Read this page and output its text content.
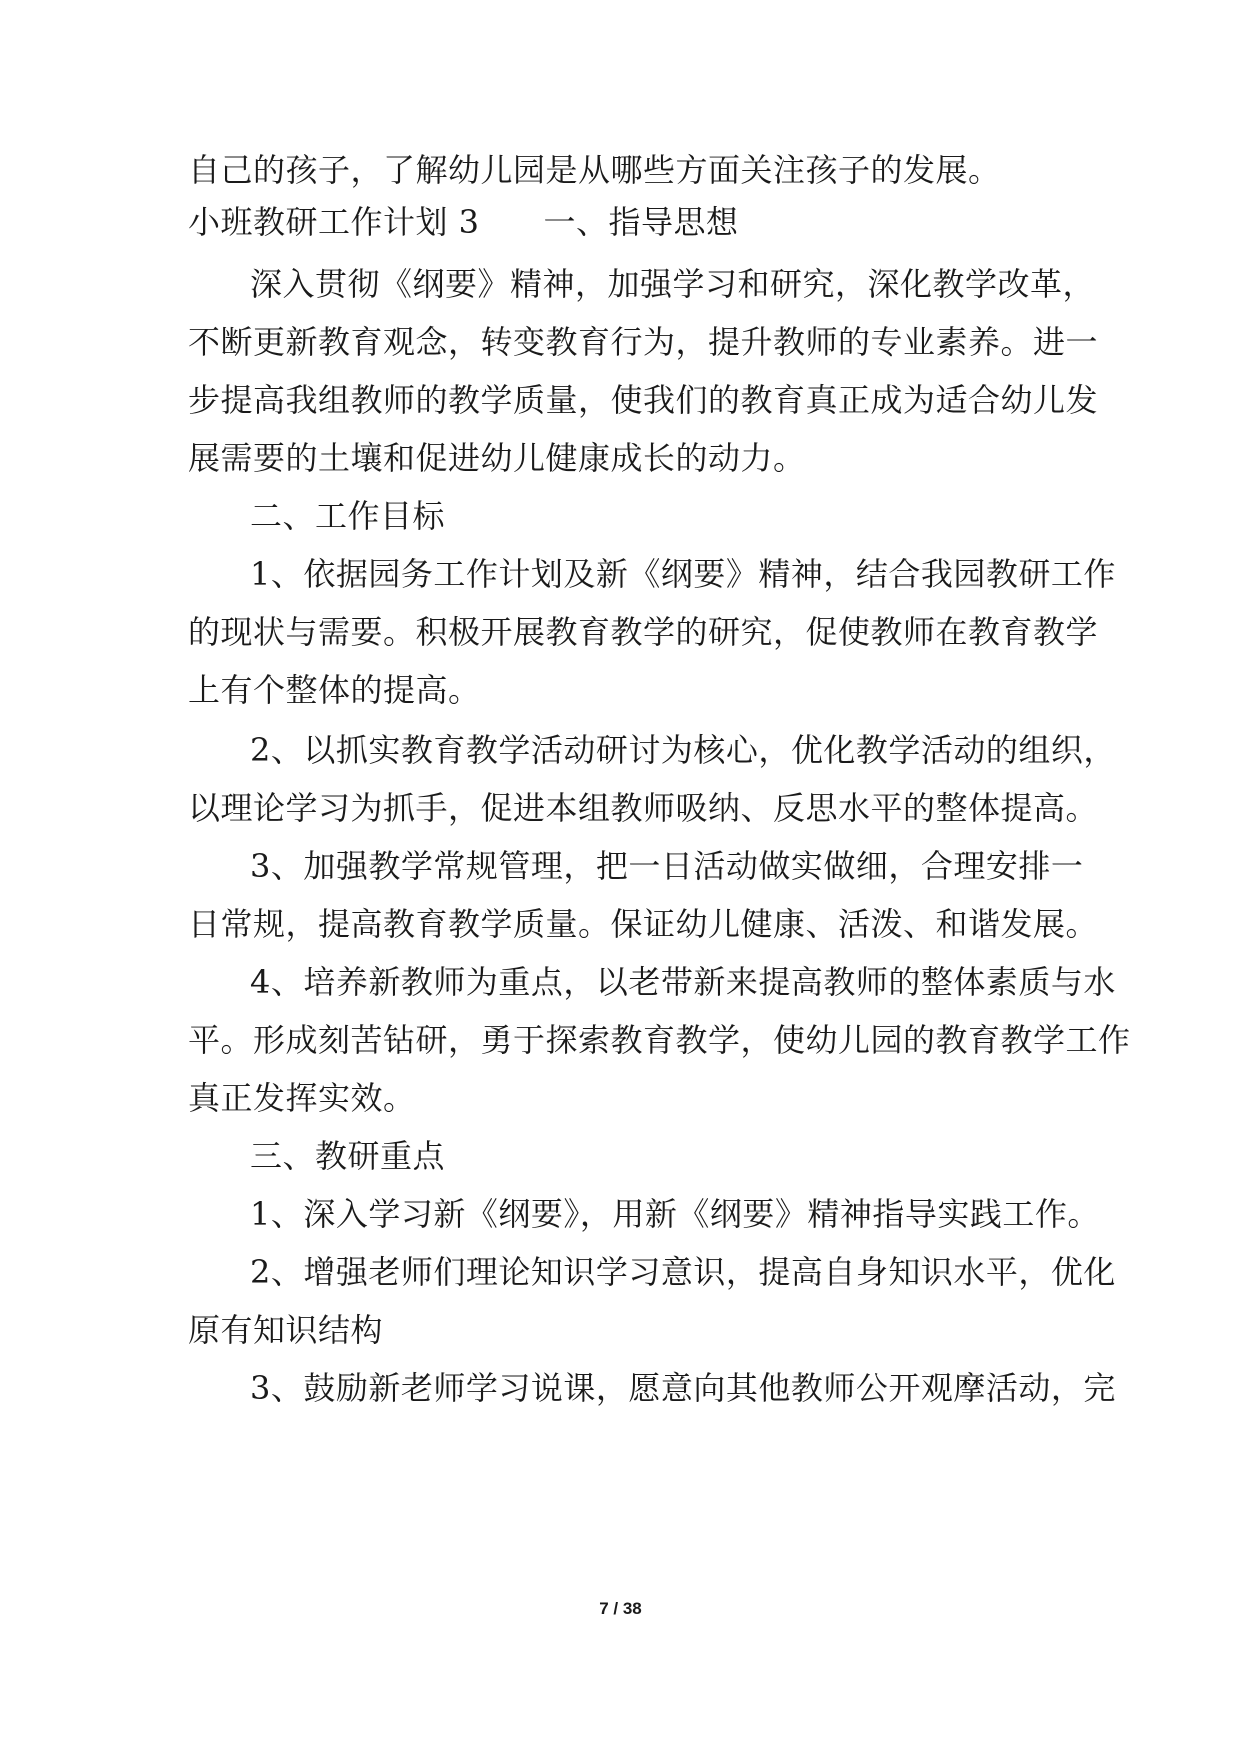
自己的孩子，了解幼儿园是从哪些方面关注孩子的发展。
小班教研工作计划 3 一、指导思想
深入贯彻《纲要》精神，加强学习和研究，深化教学改革，
不断更新教育观念，转变教育行为，提升教师的专业素养。进一
步提高我组教师的教学质量，使我们的教育真正成为适合幼儿发
展需要的土壤和促进幼儿健康成长的动力。
二、工作目标
1、依据园务工作计划及新《纲要》精神，结合我园教研工作
的现状与需要。积极开展教育教学的研究，促使教师在教育教学
上有个整体的提高。
2、以抓实教育教学活动研讨为核心，优化教学活动的组织，
以理论学习为抓手，促进本组教师吸纳、反思水平的整体提高。
3、加强教学常规管理，把一日活动做实做细，合理安排一
日常规，提高教育教学质量。保证幼儿健康、活泼、和谐发展。
4、培养新教师为重点，以老带新来提高教师的整体素质与水
平。形成刻苦钻研，勇于探索教育教学，使幼儿园的教育教学工作
真正发挥实效。
三、教研重点
1、深入学习新《纲要》，用新《纲要》精神指导实践工作。
2、增强老师们理论知识学习意识，提高自身知识水平，优化
原有知识结构
3、鼓励新老师学习说课，愿意向其他教师公开观摩活动，完
7 / 38
